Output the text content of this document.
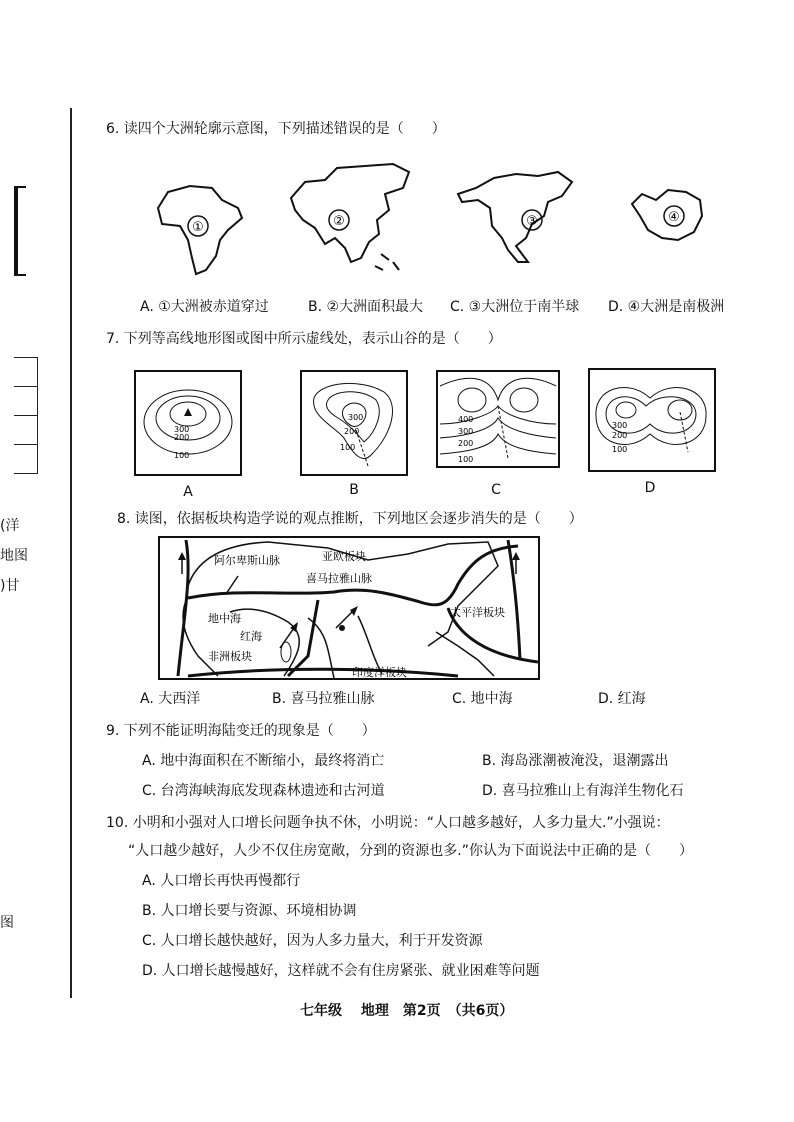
(洋
地图
)甘
图
6. 读四个大洲轮廓示意图，下列描述错误的是（　　）
①	②	③	④
A. ①大洲被赤道穿过	B. ②大洲面积最大 C. ③大洲位于南半球 D. ④大洲是南极洲
7. 下列等高线地形图或图中所示虚线处，表示山谷的是（　　）
300
200
100
300
200
100
400
300
200
100
300
200
100
A	B	C	D
8. 读图，依据板块构造学说的观点推断，下列地区会逐步消失的是（　　）
阿尔卑斯山脉	亚欧板块
喜马拉雅山脉
太平洋板块
地中海
红海
非洲板块
印度洋板块
A. 大西洋	B. 喜马拉雅山脉	C. 地中海	D. 红海
9. 下列不能证明海陆变迁的现象是（　　）
A. 地中海面积在不断缩小，最终将消亡	B. 海岛涨潮被淹没，退潮露出
C. 台湾海峡海底发现森林遗迹和古河道	D. 喜马拉雅山上有海洋生物化石
10. 小明和小强对人口增长问题争执不休，小明说：“人口越多越好，人多力量大.”小强说：
“人口越少越好，人少不仅住房宽敞，分到的资源也多.”你认为下面说法中正确的是（　　）
A. 人口增长再快再慢都行
B. 人口增长要与资源、环境相协调
C. 人口增长越快越好，因为人多力量大，利于开发资源
D. 人口增长越慢越好，这样就不会有住房紧张、就业困难等问题
七年级　 地理　第2页　（共6页）
